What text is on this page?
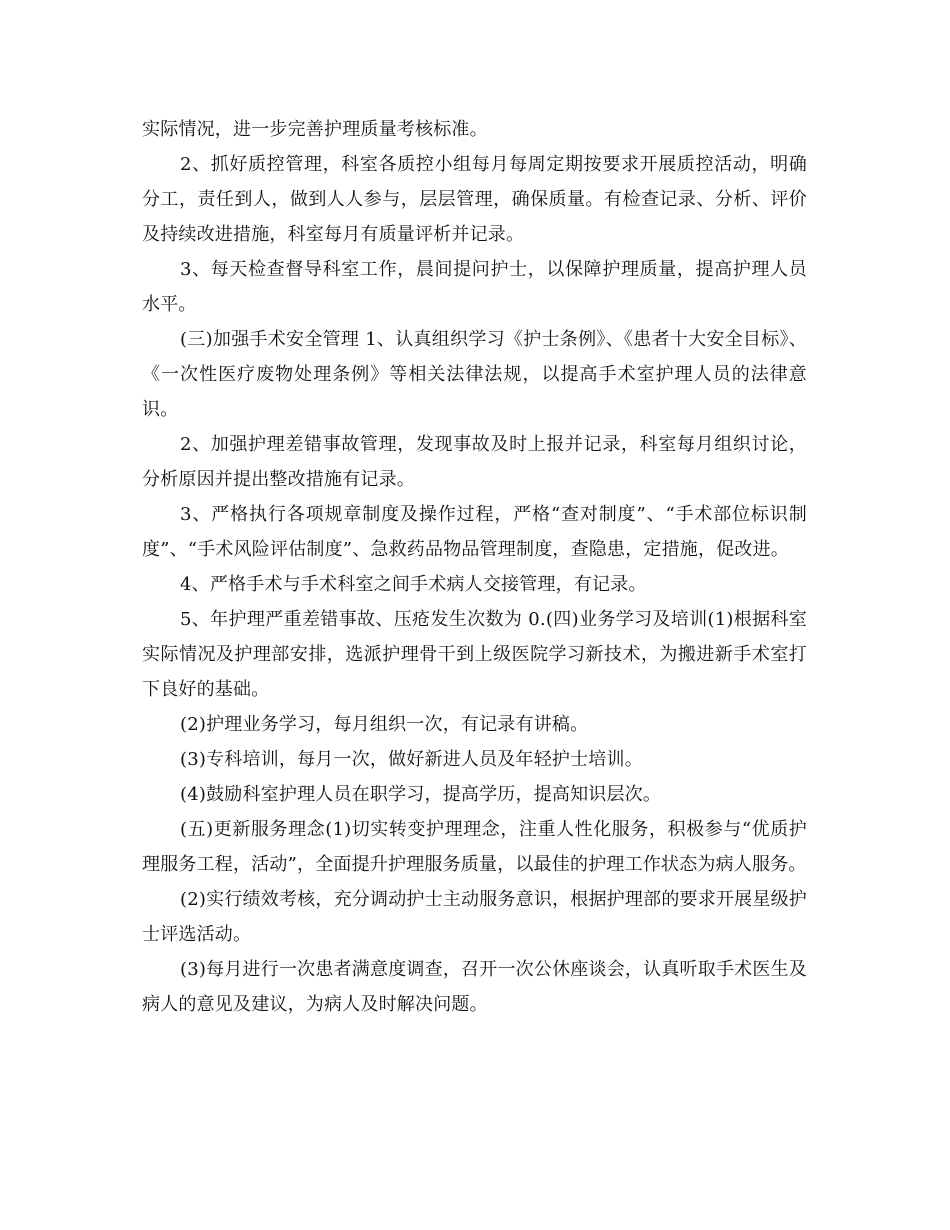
实际情况，进一步完善护理质量考核标准。

2、抓好质控管理，科室各质控小组每月每周定期按要求开展质控活动，明确分工，责任到人，做到人人参与，层层管理，确保质量。有检查记录、分析、评价及持续改进措施，科室每月有质量评析并记录。

3、每天检查督导科室工作，晨间提问护士，以保障护理质量，提高护理人员水平。

(三)加强手术安全管理 1、认真组织学习《护士条例》、《患者十大安全目标》、《一次性医疗废物处理条例》等相关法律法规，以提高手术室护理人员的法律意识。

2、加强护理差错事故管理，发现事故及时上报并记录，科室每月组织讨论，分析原因并提出整改措施有记录。

3、严格执行各项规章制度及操作过程，严格“查对制度”、“手术部位标识制度”、“手术风险评估制度”、急救药品物品管理制度，查隐患，定措施，促改进。

4、严格手术与手术科室之间手术病人交接管理，有记录。

5、年护理严重差错事故、压疮发生次数为 0.(四)业务学习及培训(1)根据科室实际情况及护理部安排，选派护理骨干到上级医院学习新技术，为搬进新手术室打下良好的基础。

(2)护理业务学习，每月组织一次，有记录有讲稿。

(3)专科培训，每月一次，做好新进人员及年轻护士培训。

(4)鼓励科室护理人员在职学习，提高学历，提高知识层次。

(五)更新服务理念(1)切实转变护理理念，注重人性化服务，积极参与“优质护理服务工程，活动”，全面提升护理服务质量，以最佳的护理工作状态为病人服务。

(2)实行绩效考核，充分调动护士主动服务意识，根据护理部的要求开展星级护士评选活动。

(3)每月进行一次患者满意度调查，召开一次公休座谈会，认真听取手术医生及病人的意见及建议，为病人及时解决问题。
